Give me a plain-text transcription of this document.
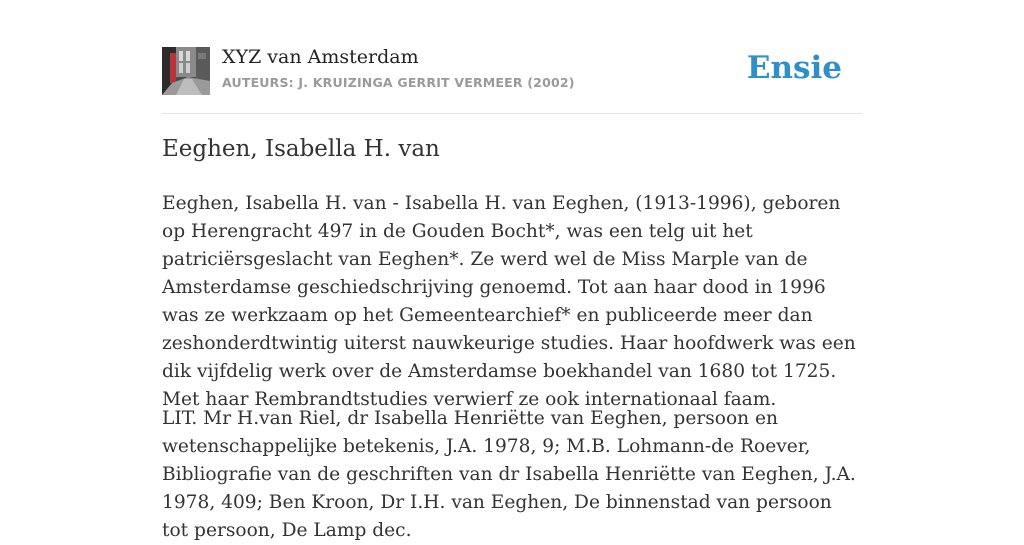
XYZ van Amsterdam
AUTEURS: J. KRUIZINGA GERRIT VERMEER (2002)	Ensie
Eeghen, Isabella H. van

Eeghen, Isabella H. van - Isabella H. van Eeghen, (1913-1996), geboren op Herengracht 497 in de Gouden Bocht*, was een telg uit het patriciërsgeslacht van Eeghen*. Ze werd wel de Miss Marple van de Amsterdamse geschiedschrijving genoemd. Tot aan haar dood in 1996 was ze werkzaam op het Gemeentearchief* en publiceerde meer dan zeshonderdtwintig uiterst nauwkeurige studies. Haar hoofdwerk was een dik vijfdelig werk over de Amsterdamse boekhandel van 1680 tot 1725. Met haar Rembrandtstudies verwierf ze ook internationaal faam.

LIT. Mr H.van Riel, dr Isabella Henriëtte van Eeghen, persoon en wetenschappelijke betekenis, J.A. 1978, 9; M.B. Lohmann-de Roever, Bibliografie van de geschriften van dr Isabella Henriëtte van Eeghen, J.A. 1978, 409; Ben Kroon, Dr I.H. van Eeghen, De binnenstad van persoon tot persoon, De Lamp dec.
